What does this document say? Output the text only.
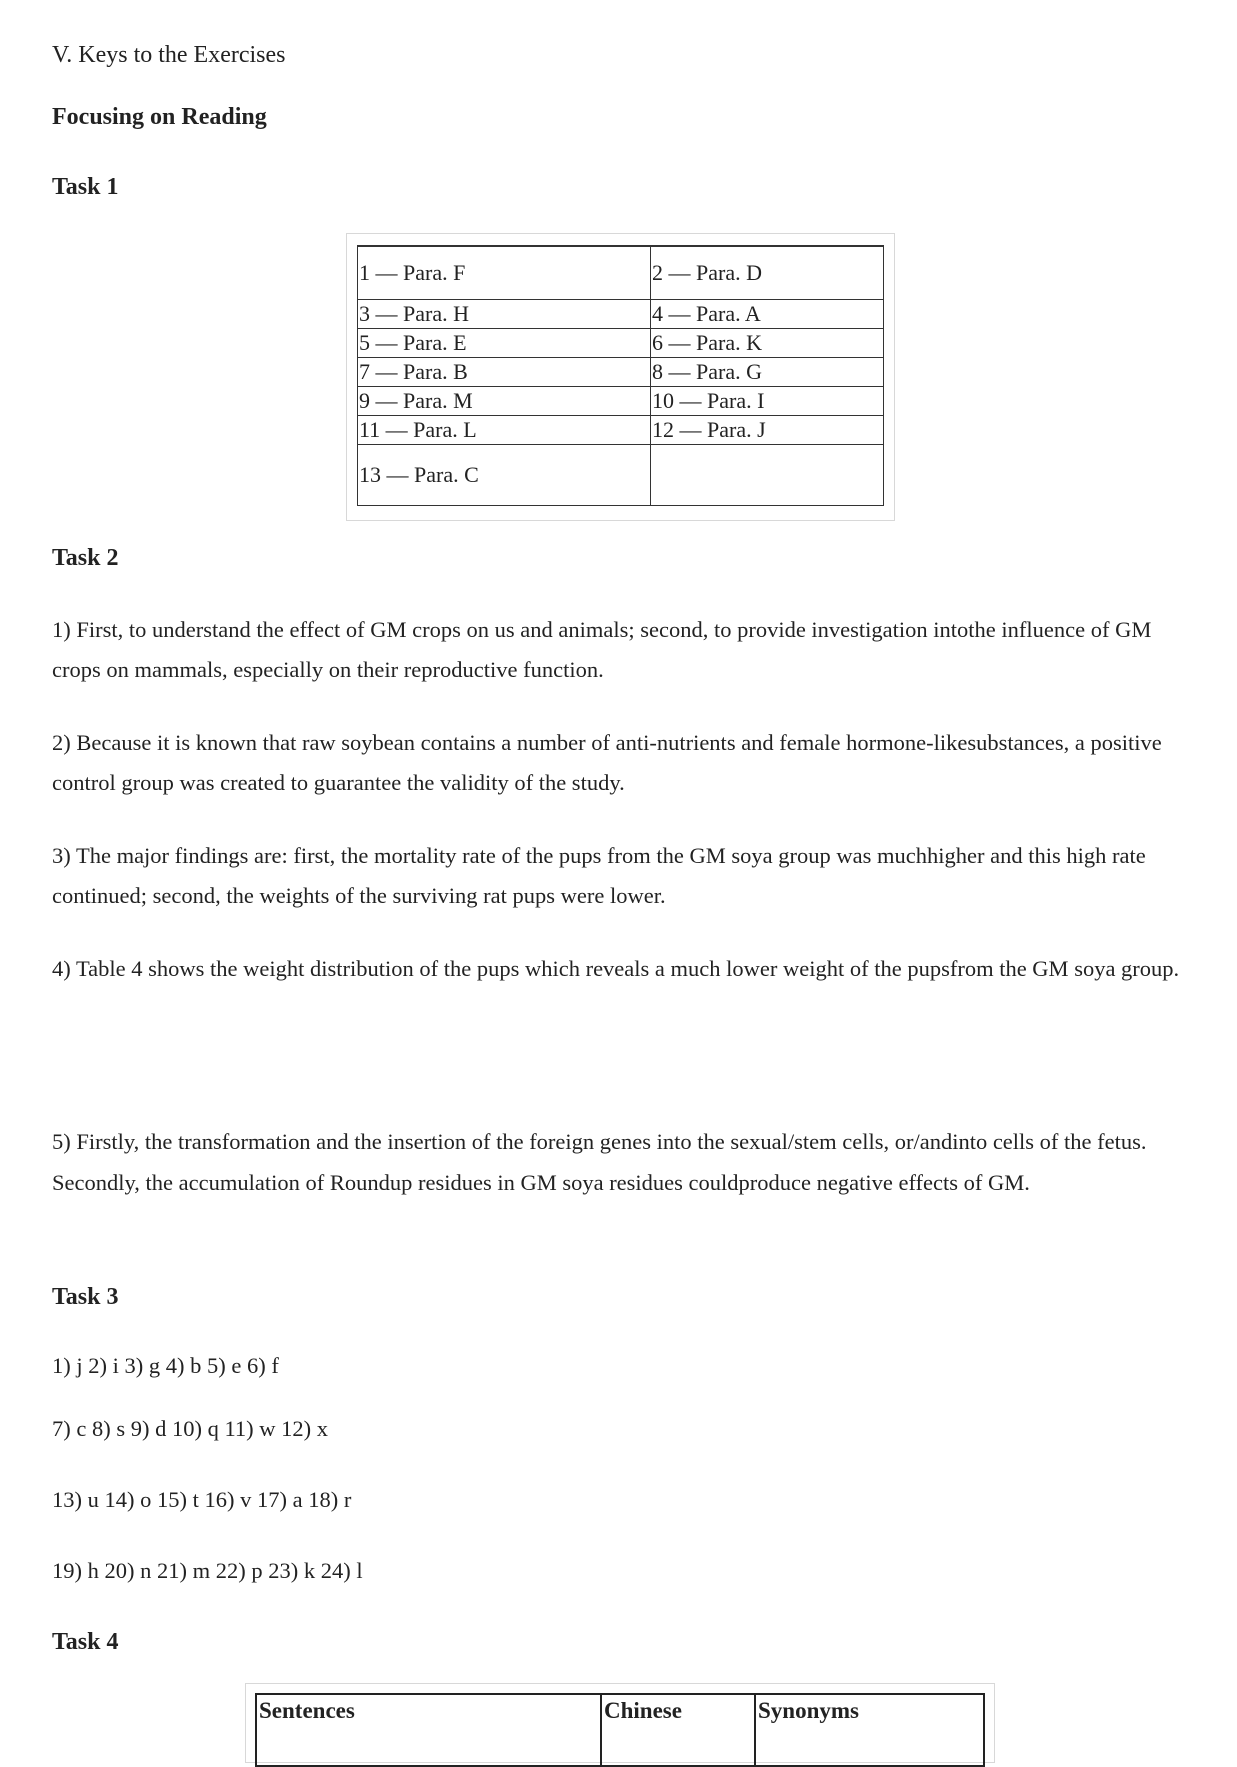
V. Keys to the Exercises
Focusing on Reading
Task 1
1 — Para. F	2 — Para. D
3 — Para. H	4 — Para. A
5 — Para. E	6 — Para. K
7 — Para. B	8 — Para. G
9 — Para. M	10 — Para. I
11 — Para. L	12 — Para. J
13 — Para. C	
Task 2
1) First, to understand the effect of GM crops on us and animals; second, to provide investigation intothe influence of GM crops on mammals, especially on their reproductive function.
2) Because it is known that raw soybean contains a number of anti-nutrients and female hormone-likesubstances, a positive control group was created to guarantee the validity of the study.
3) The major findings are: first, the mortality rate of the pups from the GM soya group was muchhigher and this high rate continued; second, the weights of the surviving rat pups were lower.
4) Table 4 shows the weight distribution of the pups which reveals a much lower weight of the pupsfrom the GM soya group.
5) Firstly, the transformation and the insertion of the foreign genes into the sexual/stem cells, or/andinto cells of the fetus. Secondly, the accumulation of Roundup residues in GM soya residues couldproduce negative effects of GM.
Task 3
1) j 2) i 3) g 4) b 5) e 6) f
7) c 8) s 9) d 10) q 11) w 12) x
13) u 14) o 15) t 16) v 17) a 18) r
19) h 20) n 21) m 22) p 23) k 24) l
Task 4
Sentences	Chinese	Synonyms
